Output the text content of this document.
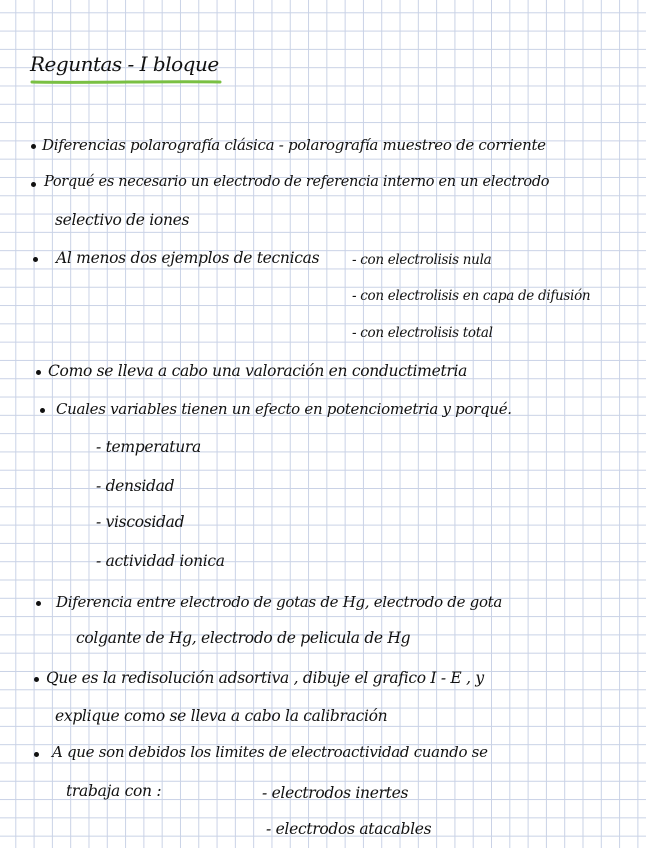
Reguntas - I bloque
Diferencias polarografía clásica - polarografía muestreo de corriente
Porqué es necesario un electrodo de referencia interno en un electrodo
selectivo de iones
Al menos dos ejemplos de tecnicas - con electrolisis nula
- con electrolisis en capa de difusión
- con electrolisis total
Como se lleva a cabo una valoración en conductimetria
Cuales variables tienen un efecto en potenciometria y porqué.
- temperatura
- densidad
- viscosidad
- actividad ionica
Diferencia entre electrodo de gotas de Hg, electrodo de gota
colgante de Hg, electrodo de pelicula de Hg
Que es la redisolución adsortiva , dibuje el grafico I - E , y
explique como se lleva a cabo la calibración
A que son debidos los limites de electroactividad cuando se
trabaja con :	- electrodos inertes
- electrodos atacables
